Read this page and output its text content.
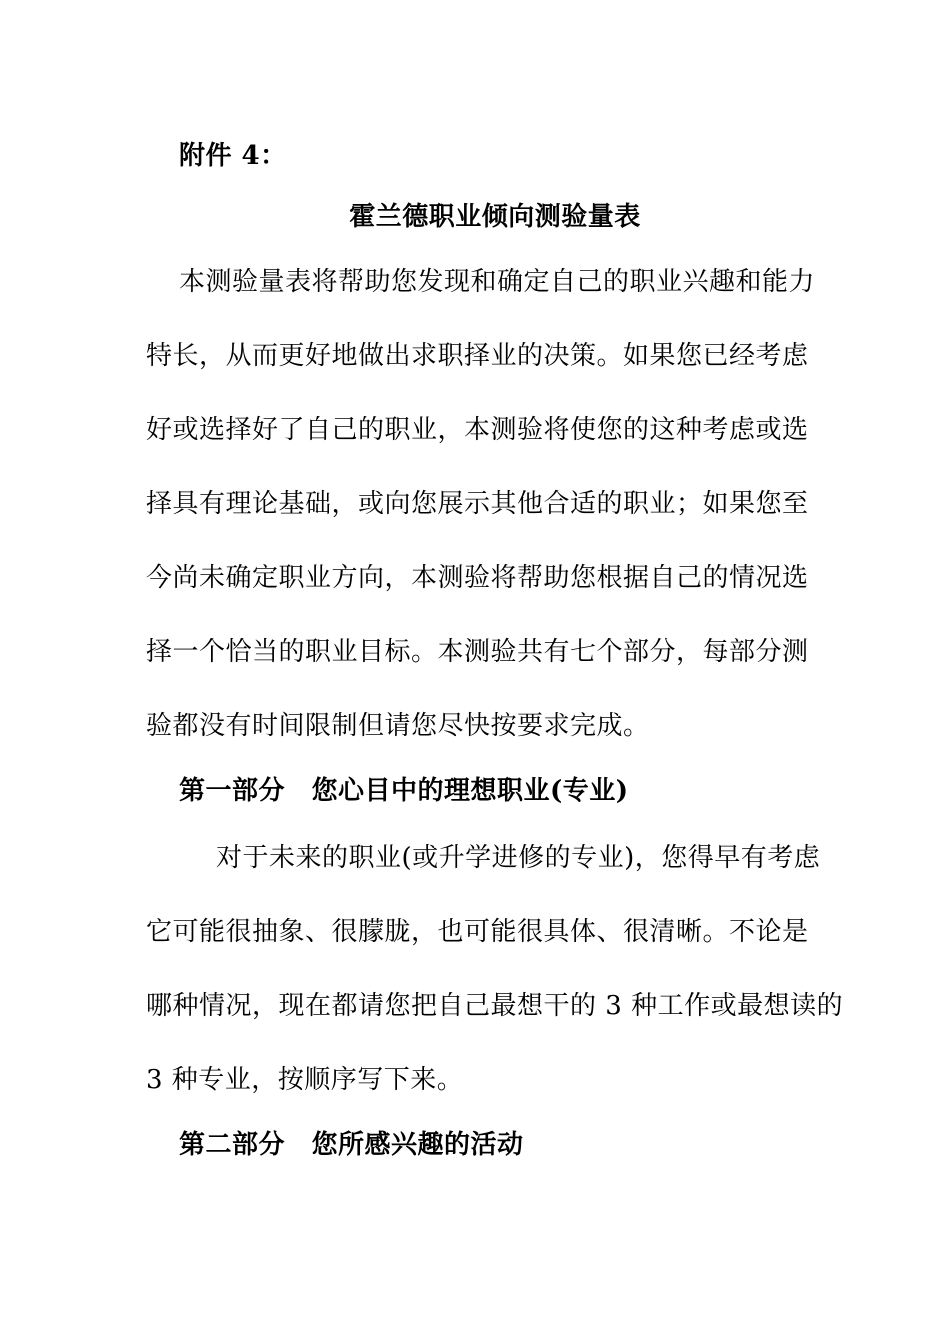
附件 4：
霍兰德职业倾向测验量表
本测验量表将帮助您发现和确定自己的职业兴趣和能力
特长，从而更好地做出求职择业的决策。如果您已经考虑
好或选择好了自己的职业，本测验将使您的这种考虑或选
择具有理论基础，或向您展示其他合适的职业；如果您至
今尚未确定职业方向，本测验将帮助您根据自己的情况选
择一个恰当的职业目标。本测验共有七个部分，每部分测
验都没有时间限制但请您尽快按要求完成。
第一部分　您心目中的理想职业(专业)
对于未来的职业(或升学进修的专业)，您得早有考虑
它可能很抽象、很朦胧，也可能很具体、很清晰。不论是
哪种情况，现在都请您把自己最想干的 3 种工作或最想读的
3 种专业，按顺序写下来。
第二部分　您所感兴趣的活动
